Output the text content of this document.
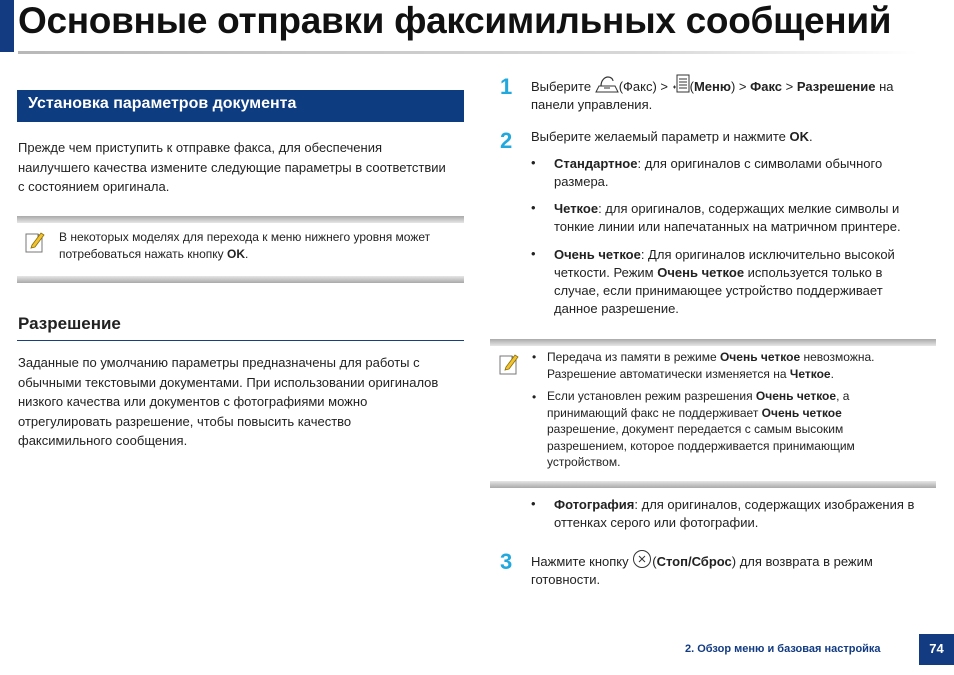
Основные отправки факсимильных сообщений
Установка параметров документа
Прежде чем приступить к отправке факса, для обеспечения
наилучшего качества измените следующие параметры в соответствии
с состоянием оригинала.
В некоторых моделях для перехода к меню нижнего уровня может
потребоваться нажать кнопку OK.
Разрешение
Заданные по умолчанию параметры предназначены для работы с
обычными текстовыми документами. При использовании оригиналов
низкого качества или документов с фотографиями можно
отрегулировать разрешение, чтобы повысить качество
факсимильного сообщения.
1 Выберите (Факс) > (Меню) > Факс > Разрешение на
панели управления.
2 Выберите желаемый параметр и нажмите OK.
• Стандартное: для оригиналов с символами обычного
размера.
• Четкое: для оригиналов, содержащих мелкие символы и
тонкие линии или напечатанных на матричном принтере.
• Очень четкое: Для оригиналов исключительно высокой
четкости. Режим Очень четкое используется только в
случае, если принимающее устройство поддерживает
данное разрешение.
• Передача из памяти в режиме Очень четкое невозможна.
Разрешение автоматически изменяется на Четкое.
• Если установлен режим разрешения Очень четкое, а
принимающий факс не поддерживает Очень четкое
разрешение, документ передается с самым высоким
разрешением, которое поддерживается принимающим
устройством.
• Фотография: для оригиналов, содержащих изображения в
оттенках серого или фотографии.
3 Нажмите кнопку (Стоп/Сброс) для возврата в режим
готовности.
2. Обзор меню и базовая настройка	74
